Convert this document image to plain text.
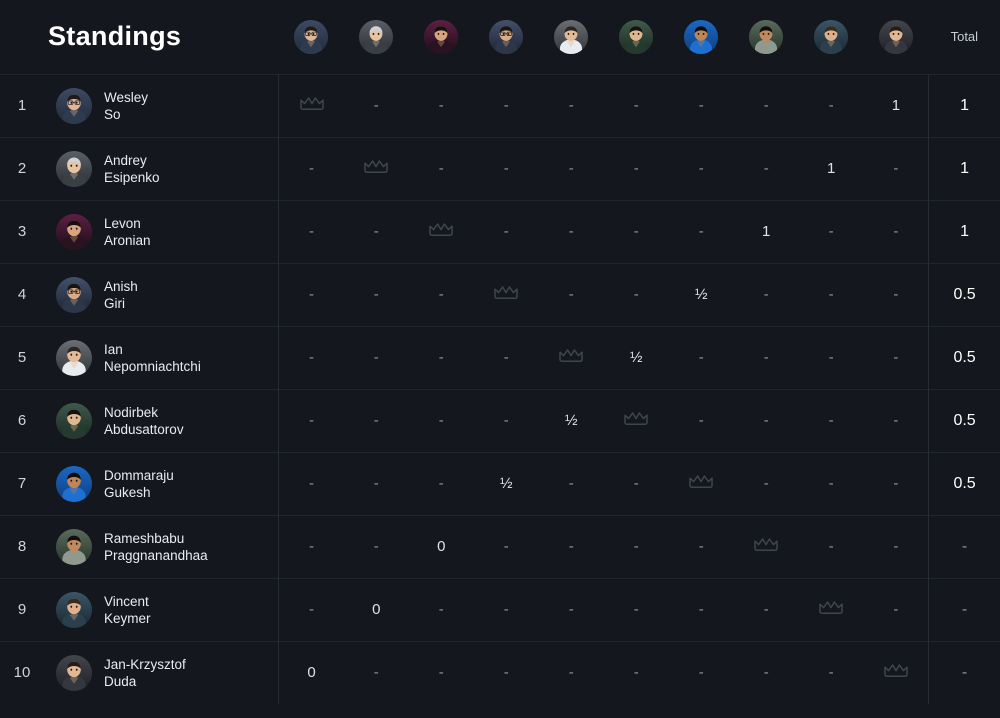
Standings												Total
1	Wesley
So		-	-	-	-	-	-	-	-	1	1
2	Andrey
Esipenko	-		-	-	-	-	-	-	1	-	1
3	Levon
Aronian	-	-		-	-	-	-	1	-	-	1
4	Anish
Giri	-	-	-		-	-	½	-	-	-	0.5
5	Ian
Nepomniachtchi	-	-	-	-		½	-	-	-	-	0.5
6	Nodirbek
Abdusattorov	-	-	-	-	½		-	-	-	-	0.5
7	Dommaraju
Gukesh	-	-	-	½	-	-		-	-	-	0.5
8	Rameshbabu
Praggnanandhaa	-	-	0	-	-	-	-		-	-	-
9	Vincent
Keymer	-	0	-	-	-	-	-	-		-	-
10	Jan-Krzysztof
Duda	0	-	-	-	-	-	-	-	-		-
